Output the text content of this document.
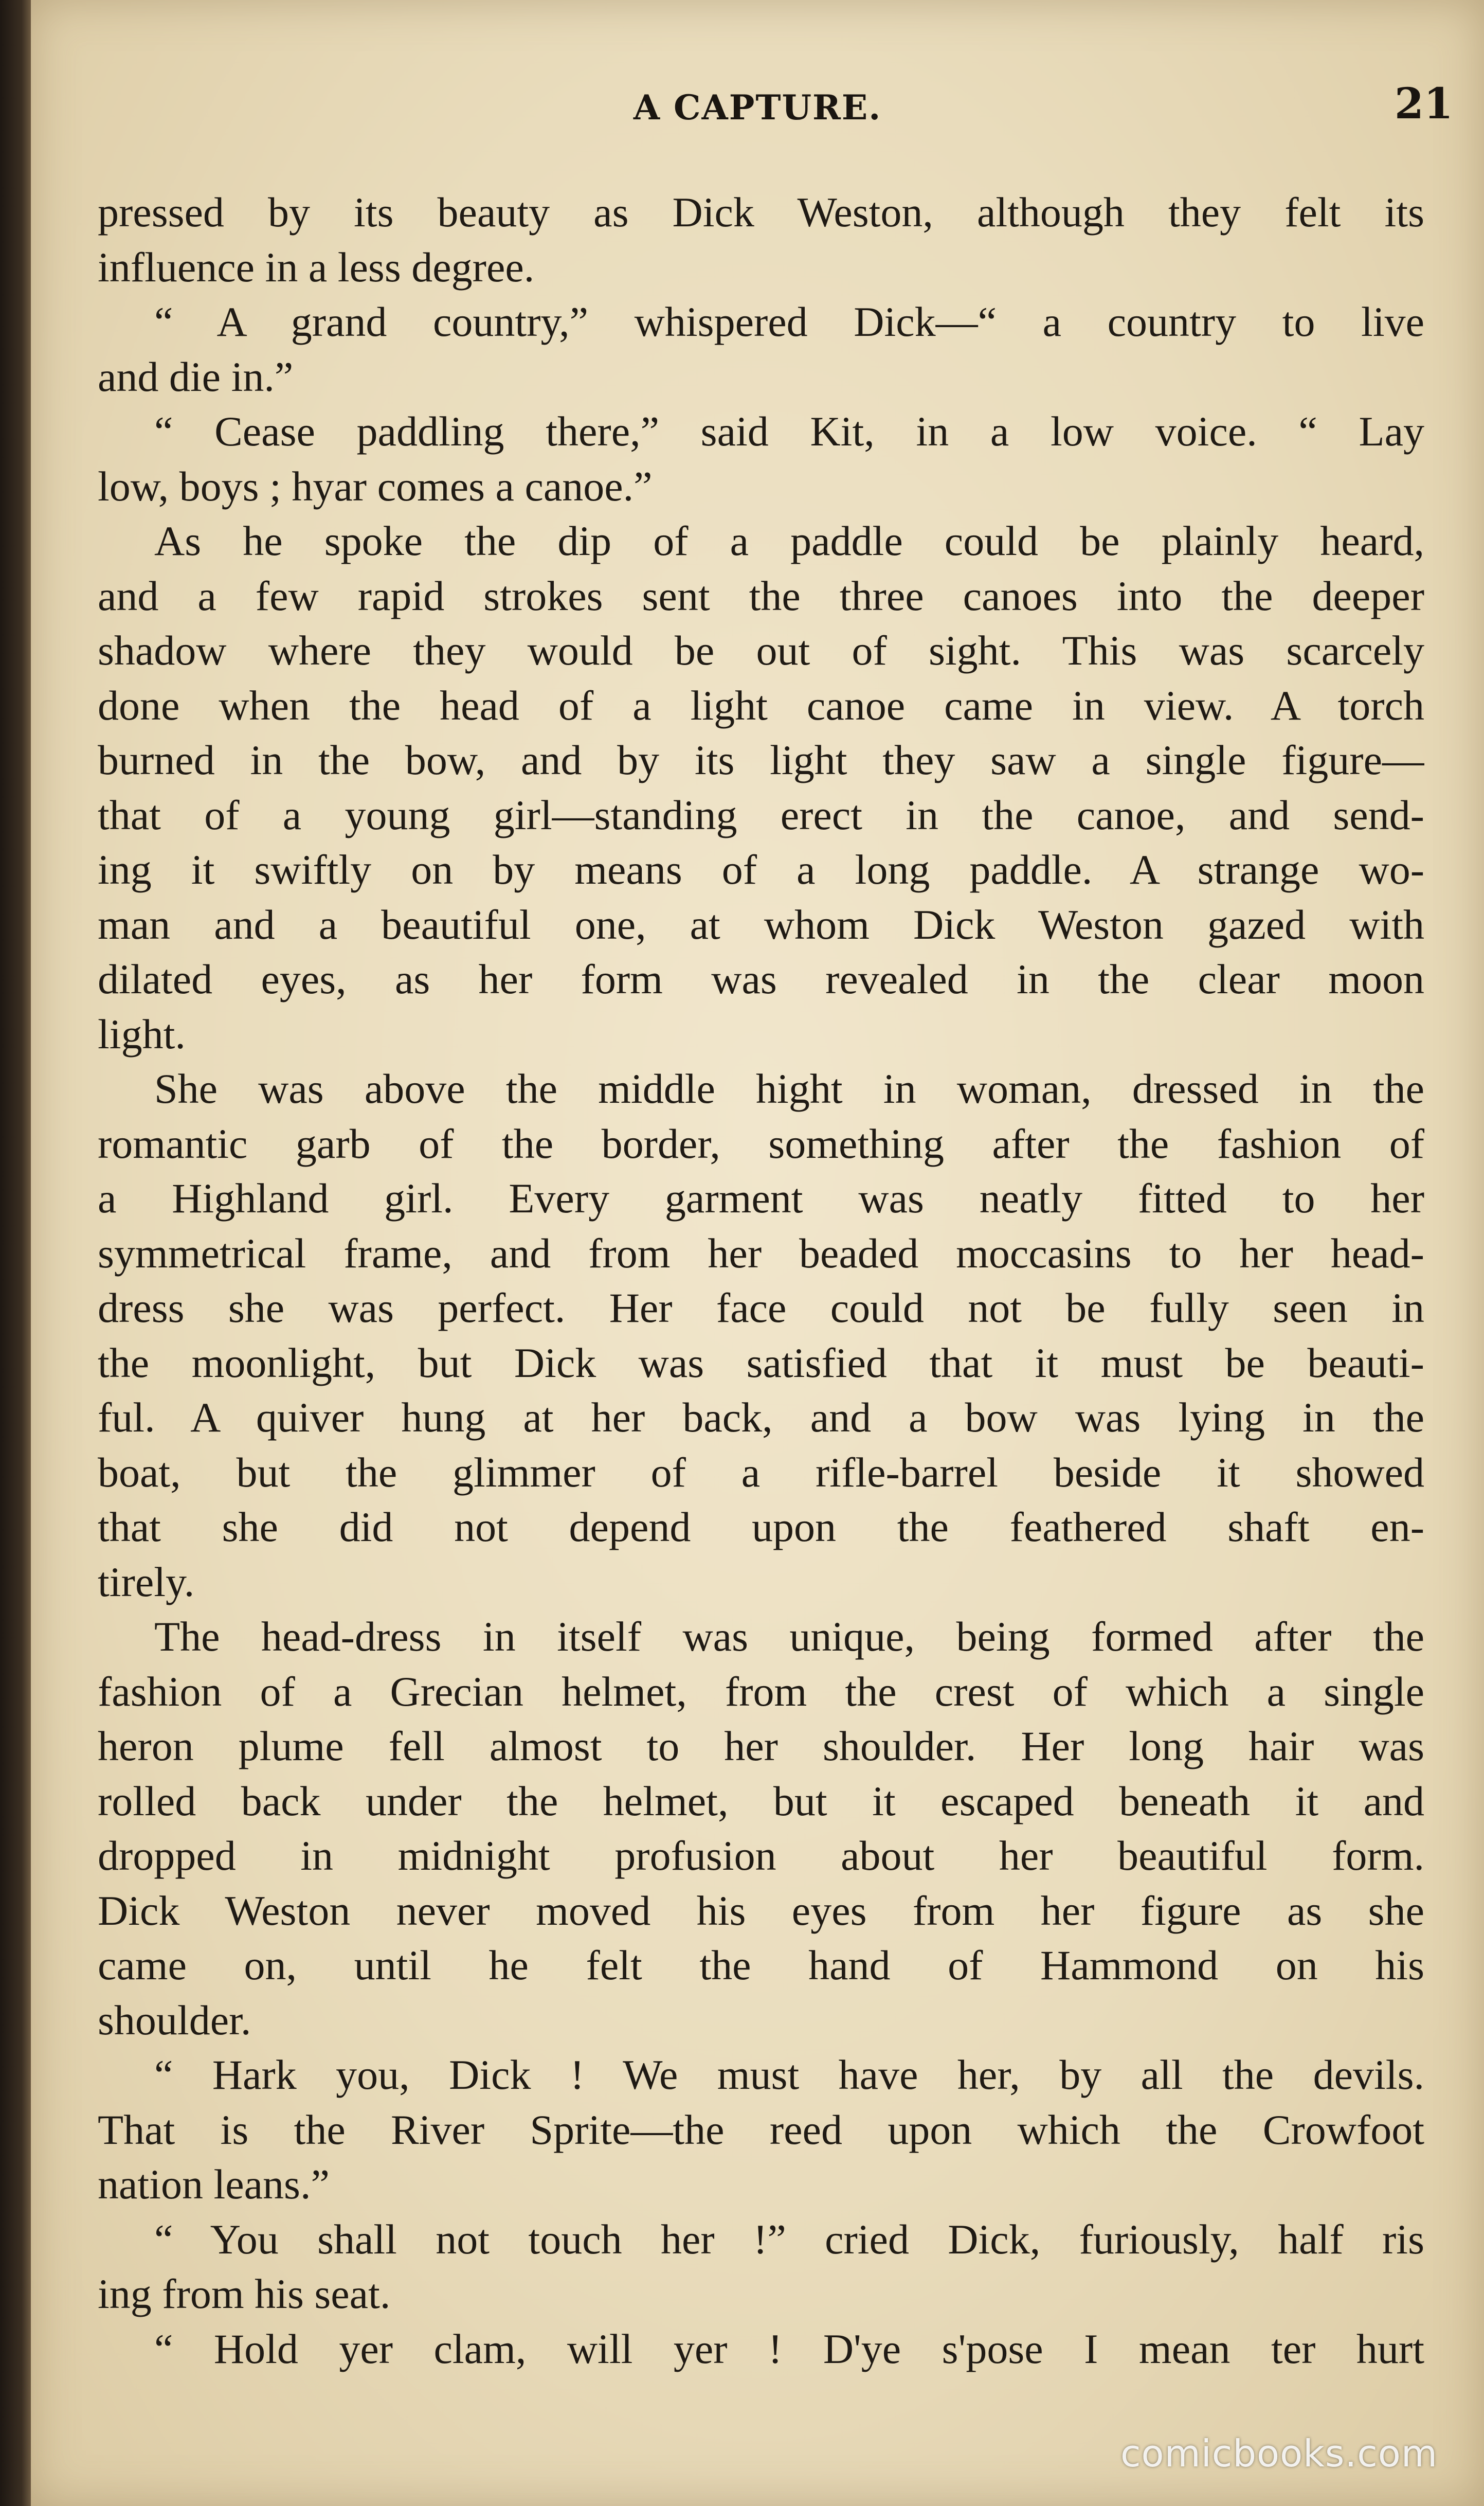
A CAPTURE.	21
pressed by its beauty as Dick Weston, although they felt its
influence in a less degree.
“ A grand country,” whispered Dick—“ a country to live
and die in.”
“ Cease paddling there,” said Kit, in a low voice. “ Lay
low, boys ; hyar comes a canoe.”
As he spoke the dip of a paddle could be plainly heard,
and a few rapid strokes sent the three canoes into the deeper
shadow where they would be out of sight. This was scarcely
done when the head of a light canoe came in view. A torch
burned in the bow, and by its light they saw a single figure—
that of a young girl—standing erect in the canoe, and send-
ing it swiftly on by means of a long paddle. A strange wo-
man and a beautiful one, at whom Dick Weston gazed with
dilated eyes, as her form was revealed in the clear moon
light.
She was above the middle hight in woman, dressed in the
romantic garb of the border, something after the fashion of
a Highland girl. Every garment was neatly fitted to her
symmetrical frame, and from her beaded moccasins to her head-
dress she was perfect. Her face could not be fully seen in
the moonlight, but Dick was satisfied that it must be beauti-
ful. A quiver hung at her back, and a bow was lying in the
boat, but the glimmer of a rifle-barrel beside it showed
that she did not depend upon the feathered shaft en-
tirely.
The head-dress in itself was unique, being formed after the
fashion of a Grecian helmet, from the crest of which a single
heron plume fell almost to her shoulder. Her long hair was
rolled back under the helmet, but it escaped beneath it and
dropped in midnight profusion about her beautiful form.
Dick Weston never moved his eyes from her figure as she
came on, until he felt the hand of Hammond on his
shoulder.
“ Hark you, Dick ! We must have her, by all the devils.
That is the River Sprite—the reed upon which the Crowfoot
nation leans.”
“ You shall not touch her !” cried Dick, furiously, half ris
ing from his seat.
“ Hold yer clam, will yer ! D'ye s'pose I mean ter hurt
comicbooks.com
